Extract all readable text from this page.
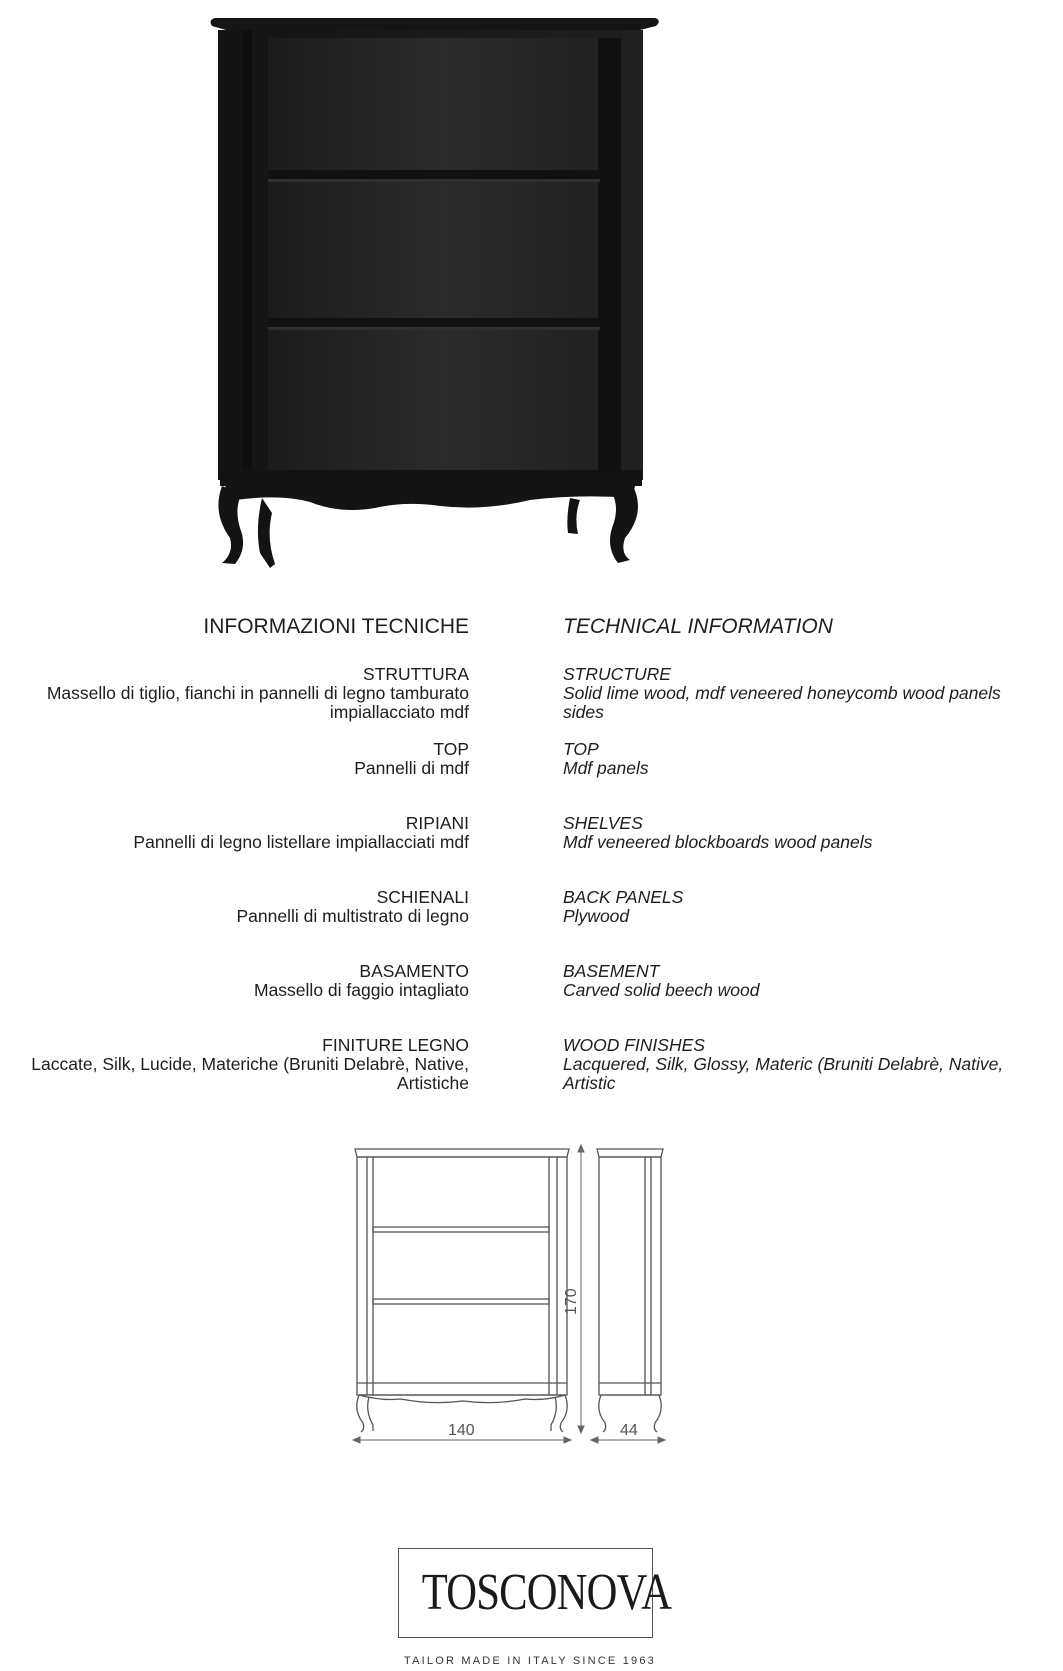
INFORMAZIONI TECNICHE	TECHNICAL INFORMATION
STRUTTURA
Massello di tiglio, fianchi in pannelli di legno tamburato impiallacciato mdf
TOP
Pannelli di mdf
RIPIANI
Pannelli di legno listellare impiallacciati mdf
SCHIENALI
Pannelli di multistrato di legno
BASAMENTO
Massello di faggio intagliato
FINITURE LEGNO
Laccate, Silk, Lucide, Materiche (Bruniti Delabrè, Native, Artistiche
STRUCTURE
Solid lime wood, mdf veneered honeycomb wood panels sides
TOP
Mdf panels
SHELVES
Mdf veneered blockboards wood panels
BACK PANELS
Plywood
BASEMENT
Carved solid beech wood
WOOD FINISHES
Lacquered, Silk, Glossy, Materic (Bruniti Delabrè, Native, Artistic
140	44
170
TOSCONOVA
TAILOR MADE IN ITALY SINCE 1963
